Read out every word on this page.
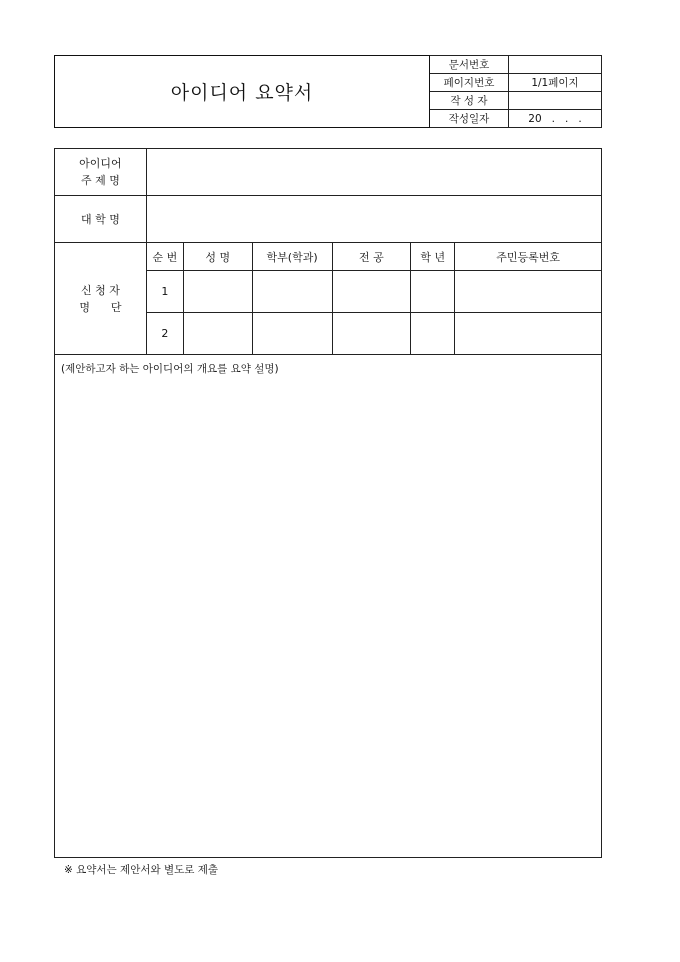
아이디어 요약서	문서번호	
	페이지번호	1/1페이지
	작 성 자	
	작성일자	20   .   .   .
아이디어
주 제 명						

대 학 명						

신 청 자
명      단	순 번	성 명	학부(학과)	전 공	학 년	주민등록번호
	1					
	2					

(제안하고자 하는 아이디어의 개요를 요약 설명)						
※ 요약서는 제안서와 별도로 제출
